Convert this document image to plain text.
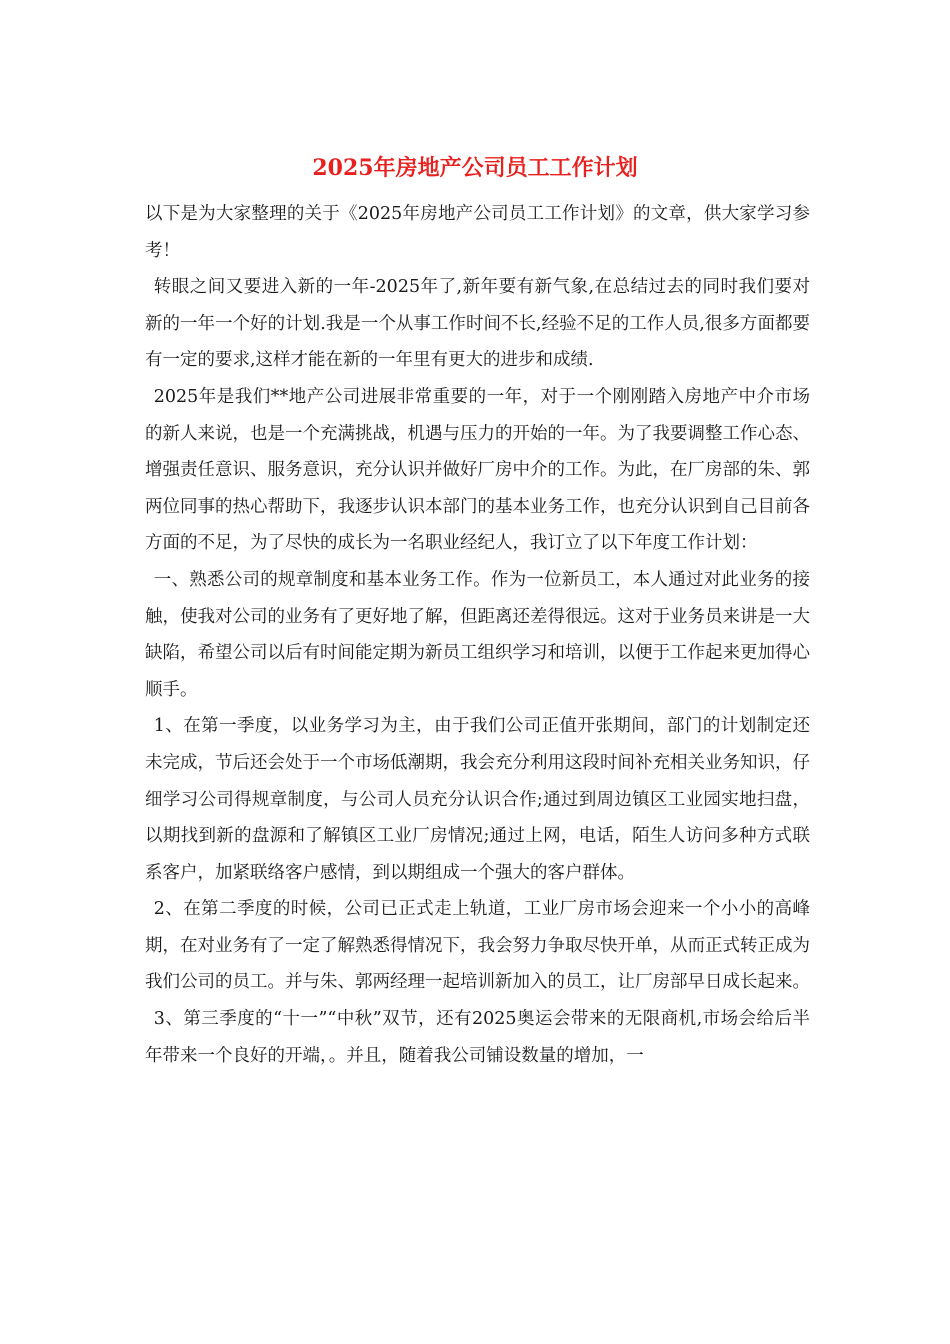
2025年房地产公司员工工作计划

以下是为大家整理的关于《2025年房地产公司员工工作计划》的文章，供大家学习参考！

转眼之间又要进入新的一年-2025年了,新年要有新气象,在总结过去的同时我们要对新的一年一个好的计划.我是一个从事工作时间不长,经验不足的工作人员,很多方面都要有一定的要求,这样才能在新的一年里有更大的进步和成绩.

2025年是我们**地产公司进展非常重要的一年，对于一个刚刚踏入房地产中介市场的新人来说，也是一个充满挑战，机遇与压力的开始的一年。为了我要调整工作心态、增强责任意识、服务意识，充分认识并做好厂房中介的工作。为此，在厂房部的朱、郭两位同事的热心帮助下，我逐步认识本部门的基本业务工作，也充分认识到自己目前各方面的不足，为了尽快的成长为一名职业经纪人，我订立了以下年度工作计划：

一、熟悉公司的规章制度和基本业务工作。作为一位新员工，本人通过对此业务的接触，使我对公司的业务有了更好地了解，但距离还差得很远。这对于业务员来讲是一大缺陷，希望公司以后有时间能定期为新员工组织学习和培训，以便于工作起来更加得心顺手。

1、在第一季度，以业务学习为主，由于我们公司正值开张期间，部门的计划制定还未完成，节后还会处于一个市场低潮期，我会充分利用这段时间补充相关业务知识，仔细学习公司得规章制度，与公司人员充分认识合作;通过到周边镇区工业园实地扫盘，以期找到新的盘源和了解镇区工业厂房情况;通过上网，电话，陌生人访问多种方式联系客户，加紧联络客户感情，到以期组成一个强大的客户群体。

2、在第二季度的时候，公司已正式走上轨道，工业厂房市场会迎来一个小小的高峰期，在对业务有了一定了解熟悉得情况下，我会努力争取尽快开单，从而正式转正成为我们公司的员工。并与朱、郭两经理一起培训新加入的员工，让厂房部早日成长起来。

3、第三季度的“十一”“中秋”双节，还有2025奥运会带来的无限商机,市场会给后半年带来一个良好的开端，。并且，随着我公司铺设数量的增加，一
